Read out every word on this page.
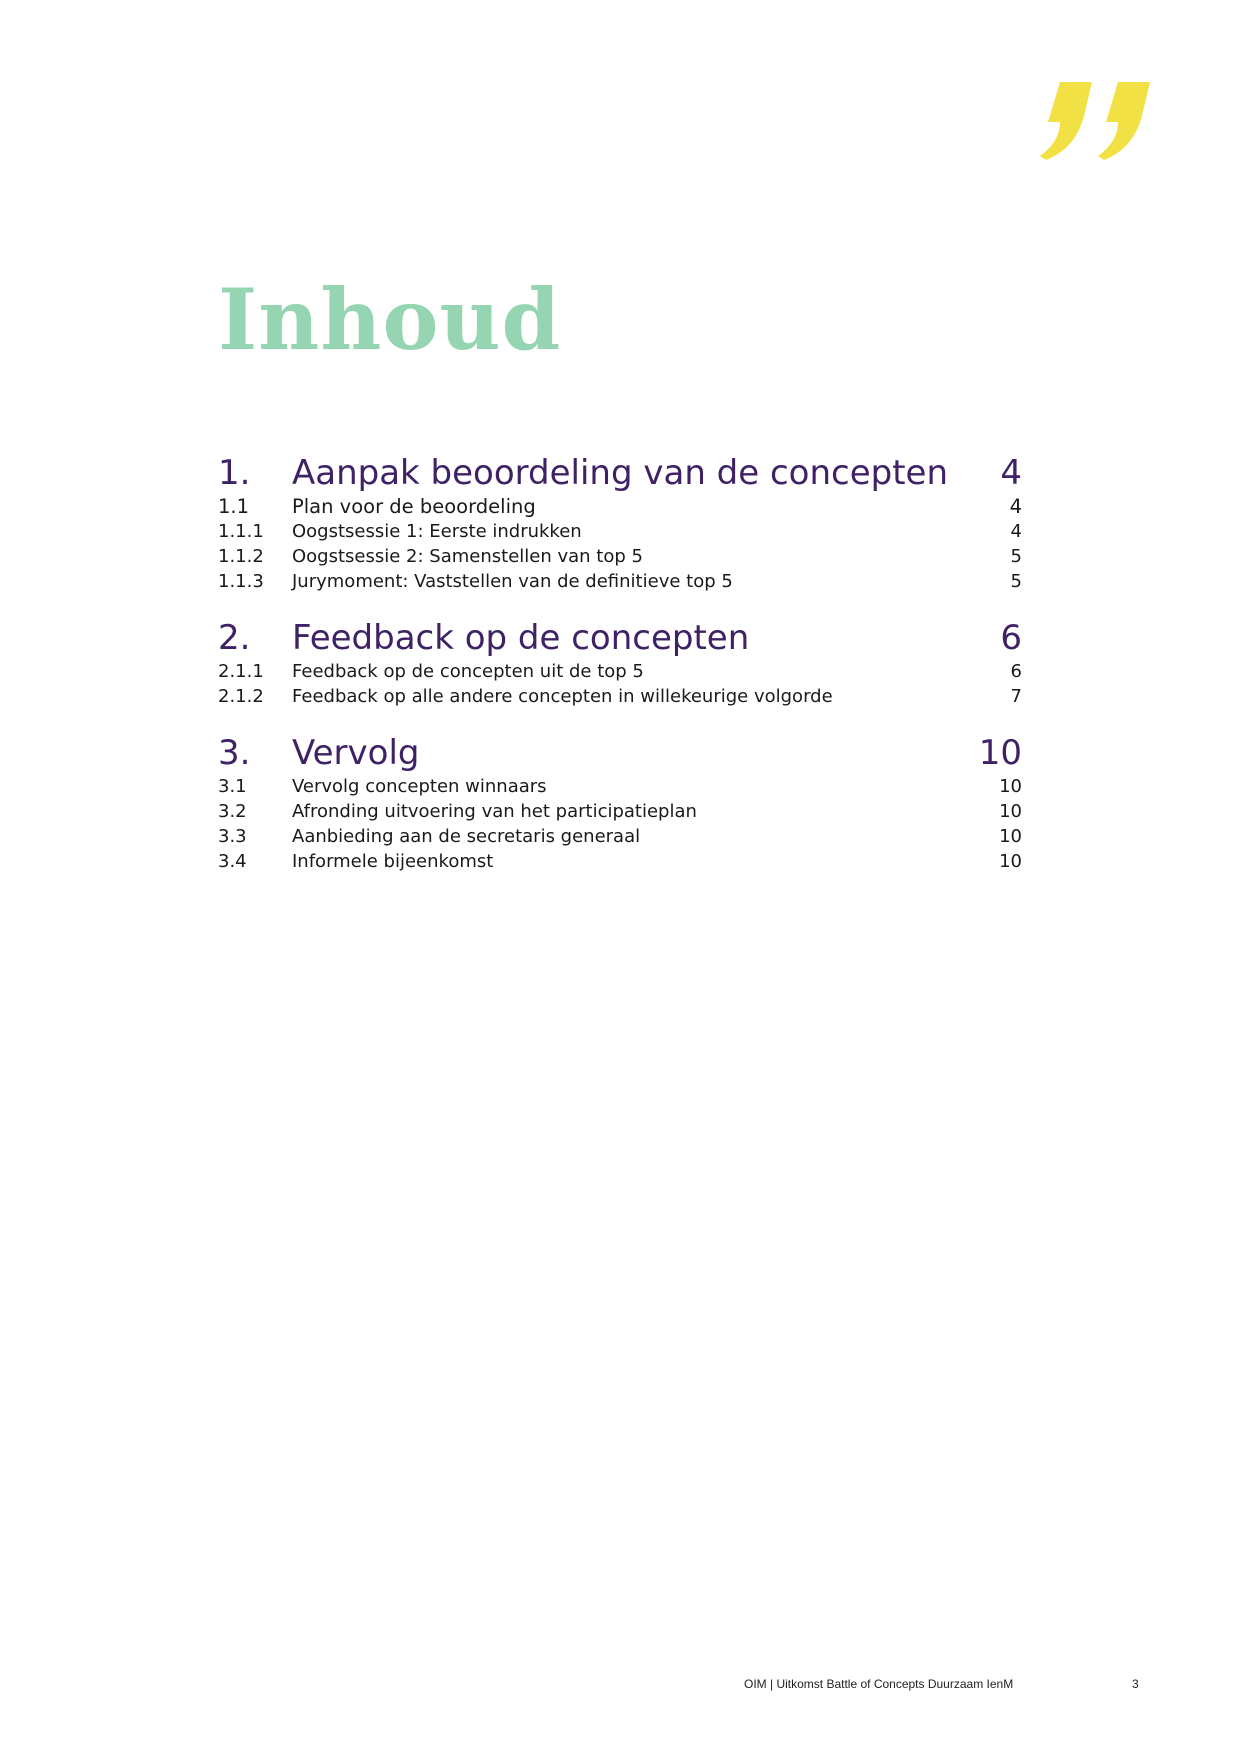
Inhoud
1.	Aanpak beoordeling van de concepten	4
1.1	Plan voor de beoordeling	4
1.1.1	Oogstsessie 1: Eerste indrukken	4
1.1.2	Oogstsessie 2: Samenstellen van top 5	5
1.1.3	Jurymoment: Vaststellen van de definitieve top 5	5
2.	Feedback op de concepten	6
2.1.1	Feedback op de concepten uit de top 5	6
2.1.2	Feedback op alle andere concepten in willekeurige volgorde	7
3.	Vervolg	10
3.1	Vervolg concepten winnaars	10
3.2	Afronding uitvoering van het participatieplan	10
3.3	Aanbieding aan de secretaris generaal	10
3.4	Informele bijeenkomst	10
OIM | Uitkomst Battle of Concepts Duurzaam IenM	3
